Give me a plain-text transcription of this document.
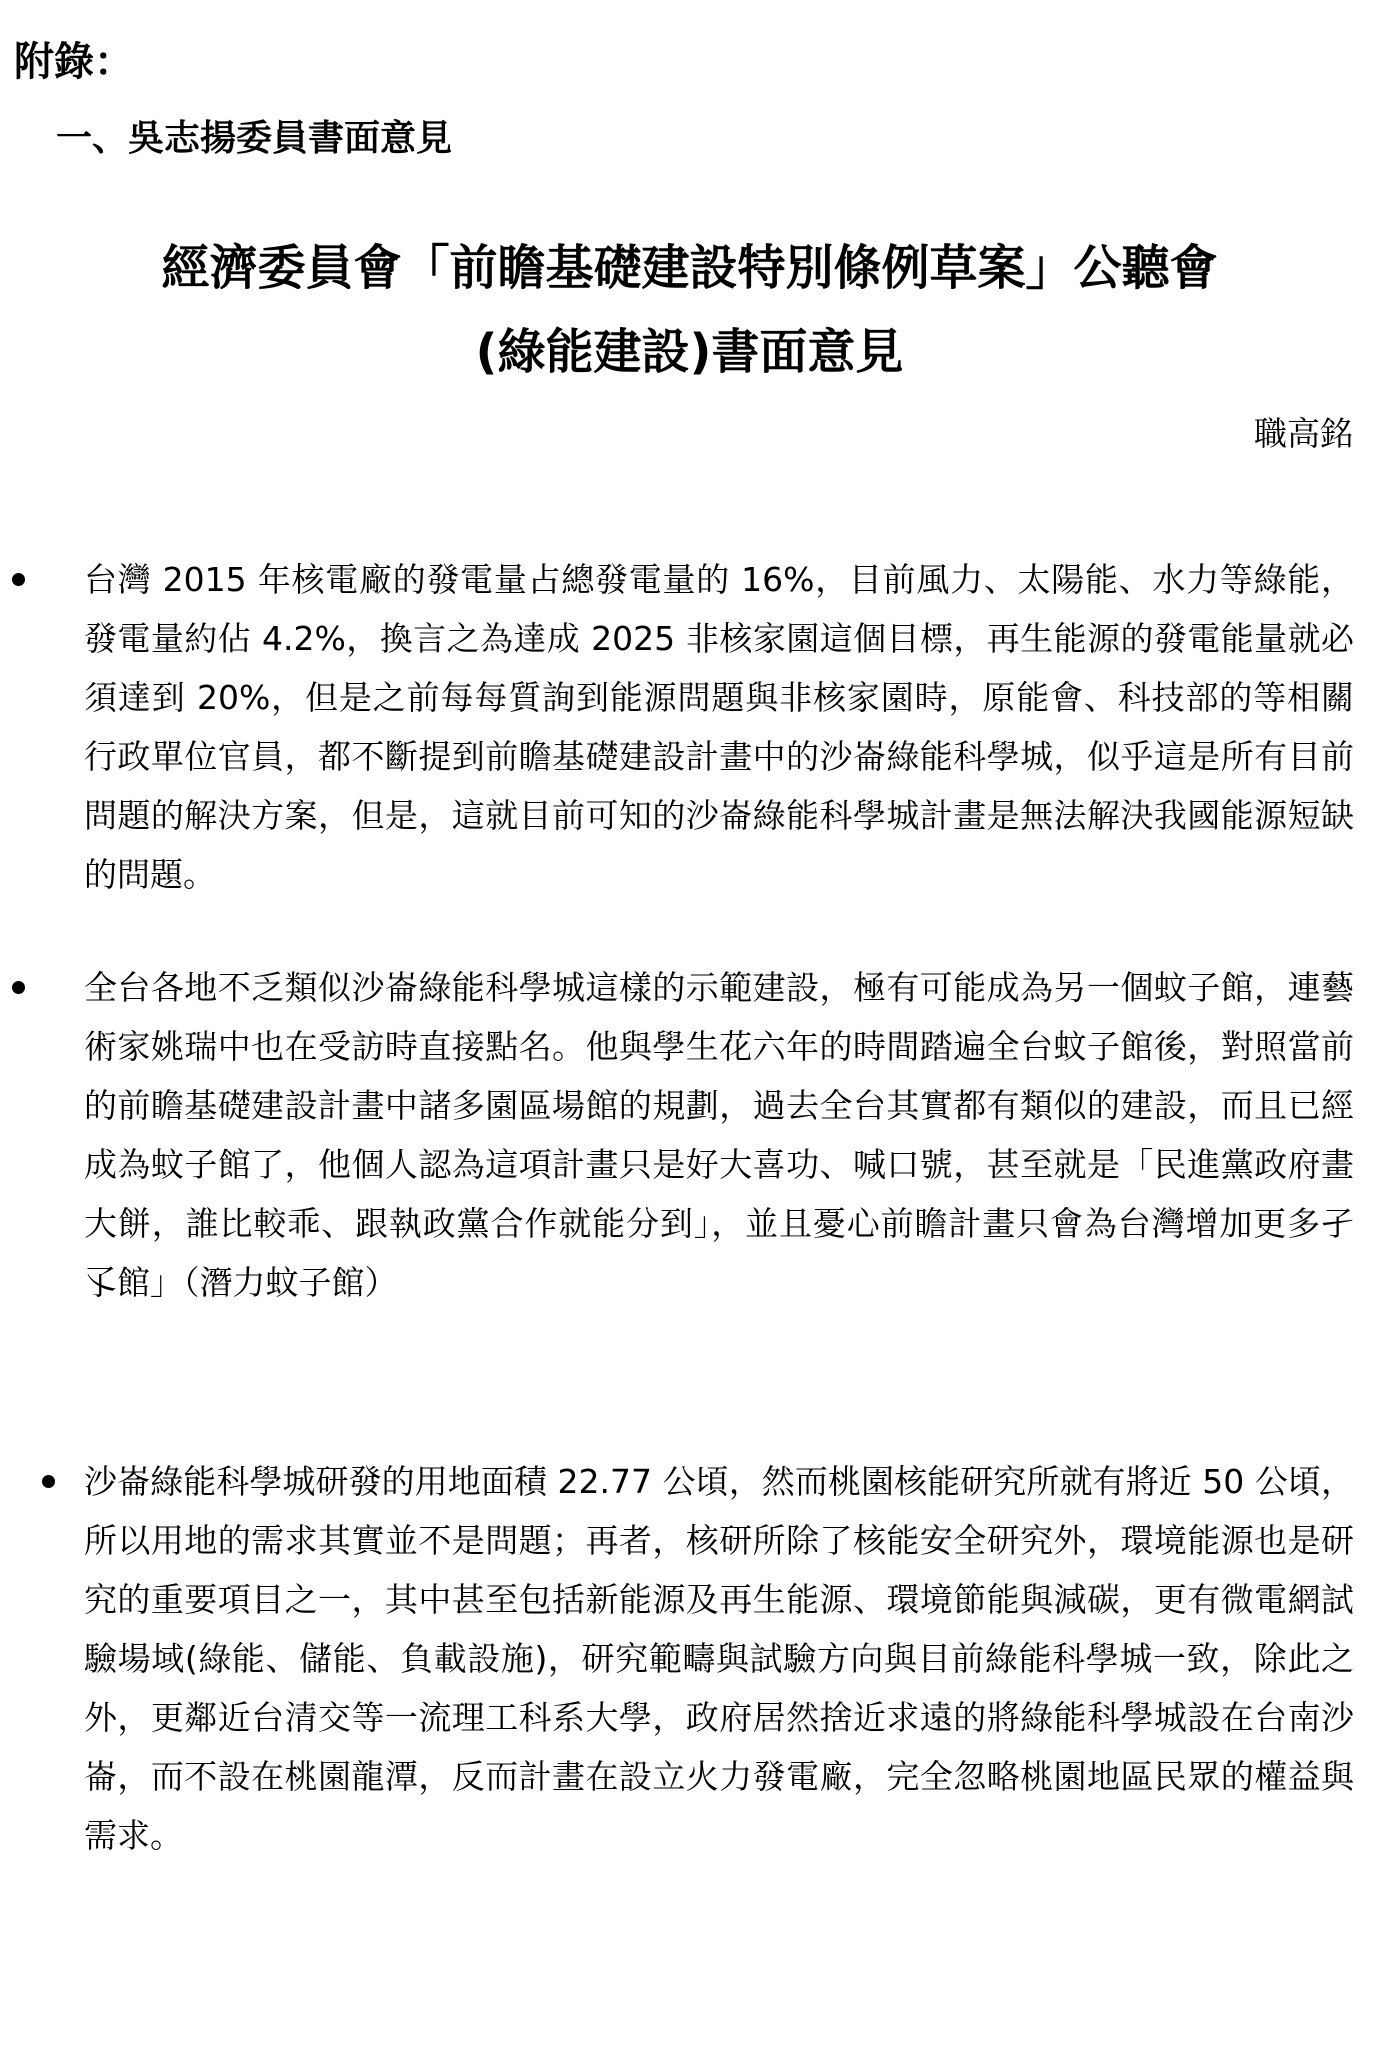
附錄：
一、吳志揚委員書面意見
經濟委員會「前瞻基礎建設特別條例草案」公聽會
(綠能建設)書面意見

職高銘

台灣 2015 年核電廠的發電量占總發電量的 16%，目前風力、太陽能、水力等綠能，發電量約佔 4.2%，換言之為達成 2025 非核家園這個目標，再生能源的發電能量就必須達到 20%，但是之前每每質詢到能源問題與非核家園時，原能會、科技部的等相關行政單位官員，都不斷提到前瞻基礎建設計畫中的沙崙綠能科學城，似乎這是所有目前問題的解決方案，但是，這就目前可知的沙崙綠能科學城計畫是無法解決我國能源短缺的問題。

全台各地不乏類似沙崙綠能科學城這樣的示範建設，極有可能成為另一個蚊子館，連藝術家姚瑞中也在受訪時直接點名。他與學生花六年的時間踏遍全台蚊子館後，對照當前的前瞻基礎建設計畫中諸多園區場館的規劃，過去全台其實都有類似的建設，而且已經成為蚊子館了，他個人認為這項計畫只是好大喜功、喊口號，甚至就是「民進黨政府畫大餅，誰比較乖、跟執政黨合作就能分到」，並且憂心前瞻計畫只會為台灣增加更多孑孓館」（潛力蚊子館）

沙崙綠能科學城研發的用地面積 22.77 公頃，然而桃園核能研究所就有將近 50 公頃，所以用地的需求其實並不是問題；再者，核研所除了核能安全研究外，環境能源也是研究的重要項目之一，其中甚至包括新能源及再生能源、環境節能與減碳，更有微電網試驗場域(綠能、儲能、負載設施)，研究範疇與試驗方向與目前綠能科學城一致，除此之外，更鄰近台清交等一流理工科系大學，政府居然捨近求遠的將綠能科學城設在台南沙崙，而不設在桃園龍潭，反而計畫在設立火力發電廠，完全忽略桃園地區民眾的權益與需求。
